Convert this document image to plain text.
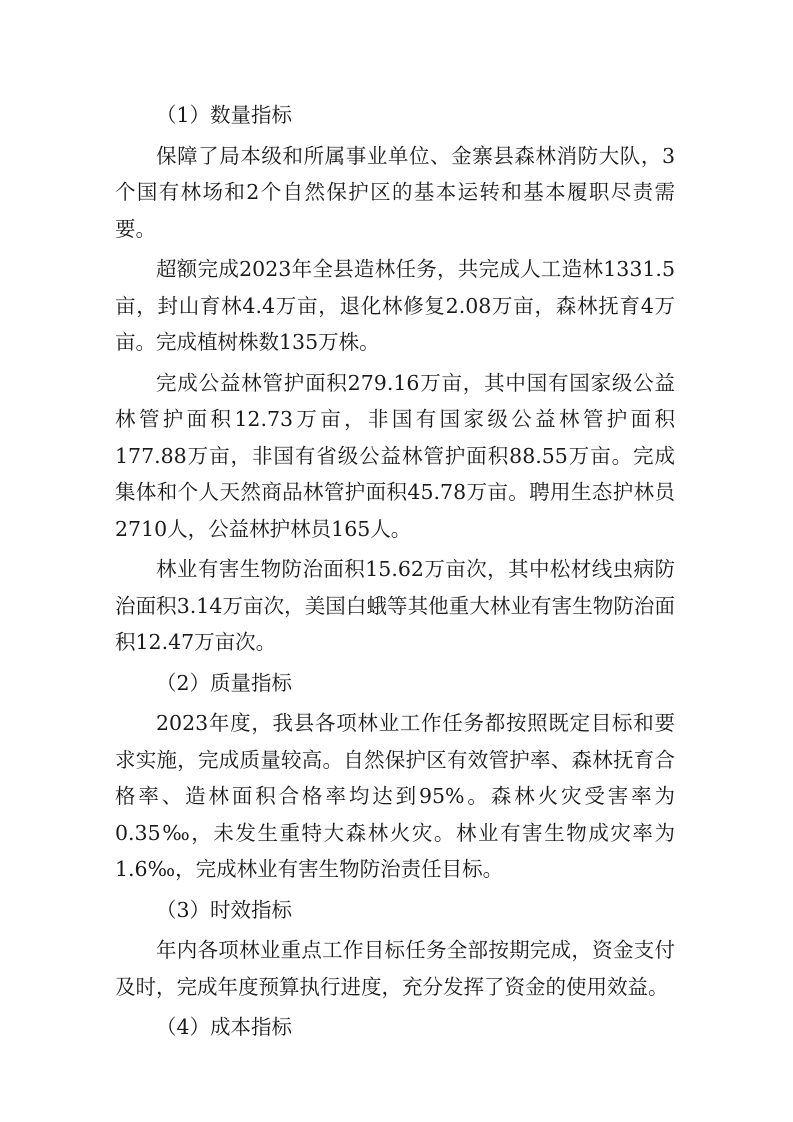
（1）数量指标

保障了局本级和所属事业单位、金寨县森林消防大队，3个国有林场和2个自然保护区的基本运转和基本履职尽责需要。

超额完成2023年全县造林任务，共完成人工造林1331.5亩，封山育林4.4万亩，退化林修复2.08万亩，森林抚育4万亩。完成植树株数135万株。

完成公益林管护面积279.16万亩，其中国有国家级公益林管护面积12.73万亩，非国有国家级公益林管护面积177.88万亩，非国有省级公益林管护面积88.55万亩。完成集体和个人天然商品林管护面积45.78万亩。聘用生态护林员2710人，公益林护林员165人。

林业有害生物防治面积15.62万亩次，其中松材线虫病防治面积3.14万亩次，美国白蛾等其他重大林业有害生物防治面积12.47万亩次。

（2）质量指标

2023年度，我县各项林业工作任务都按照既定目标和要求实施，完成质量较高。自然保护区有效管护率、森林抚育合格率、造林面积合格率均达到95%。森林火灾受害率为0.35‰，未发生重特大森林火灾。林业有害生物成灾率为1.6‰，完成林业有害生物防治责任目标。

（3）时效指标

年内各项林业重点工作目标任务全部按期完成，资金支付及时，完成年度预算执行进度，充分发挥了资金的使用效益。

（4）成本指标
